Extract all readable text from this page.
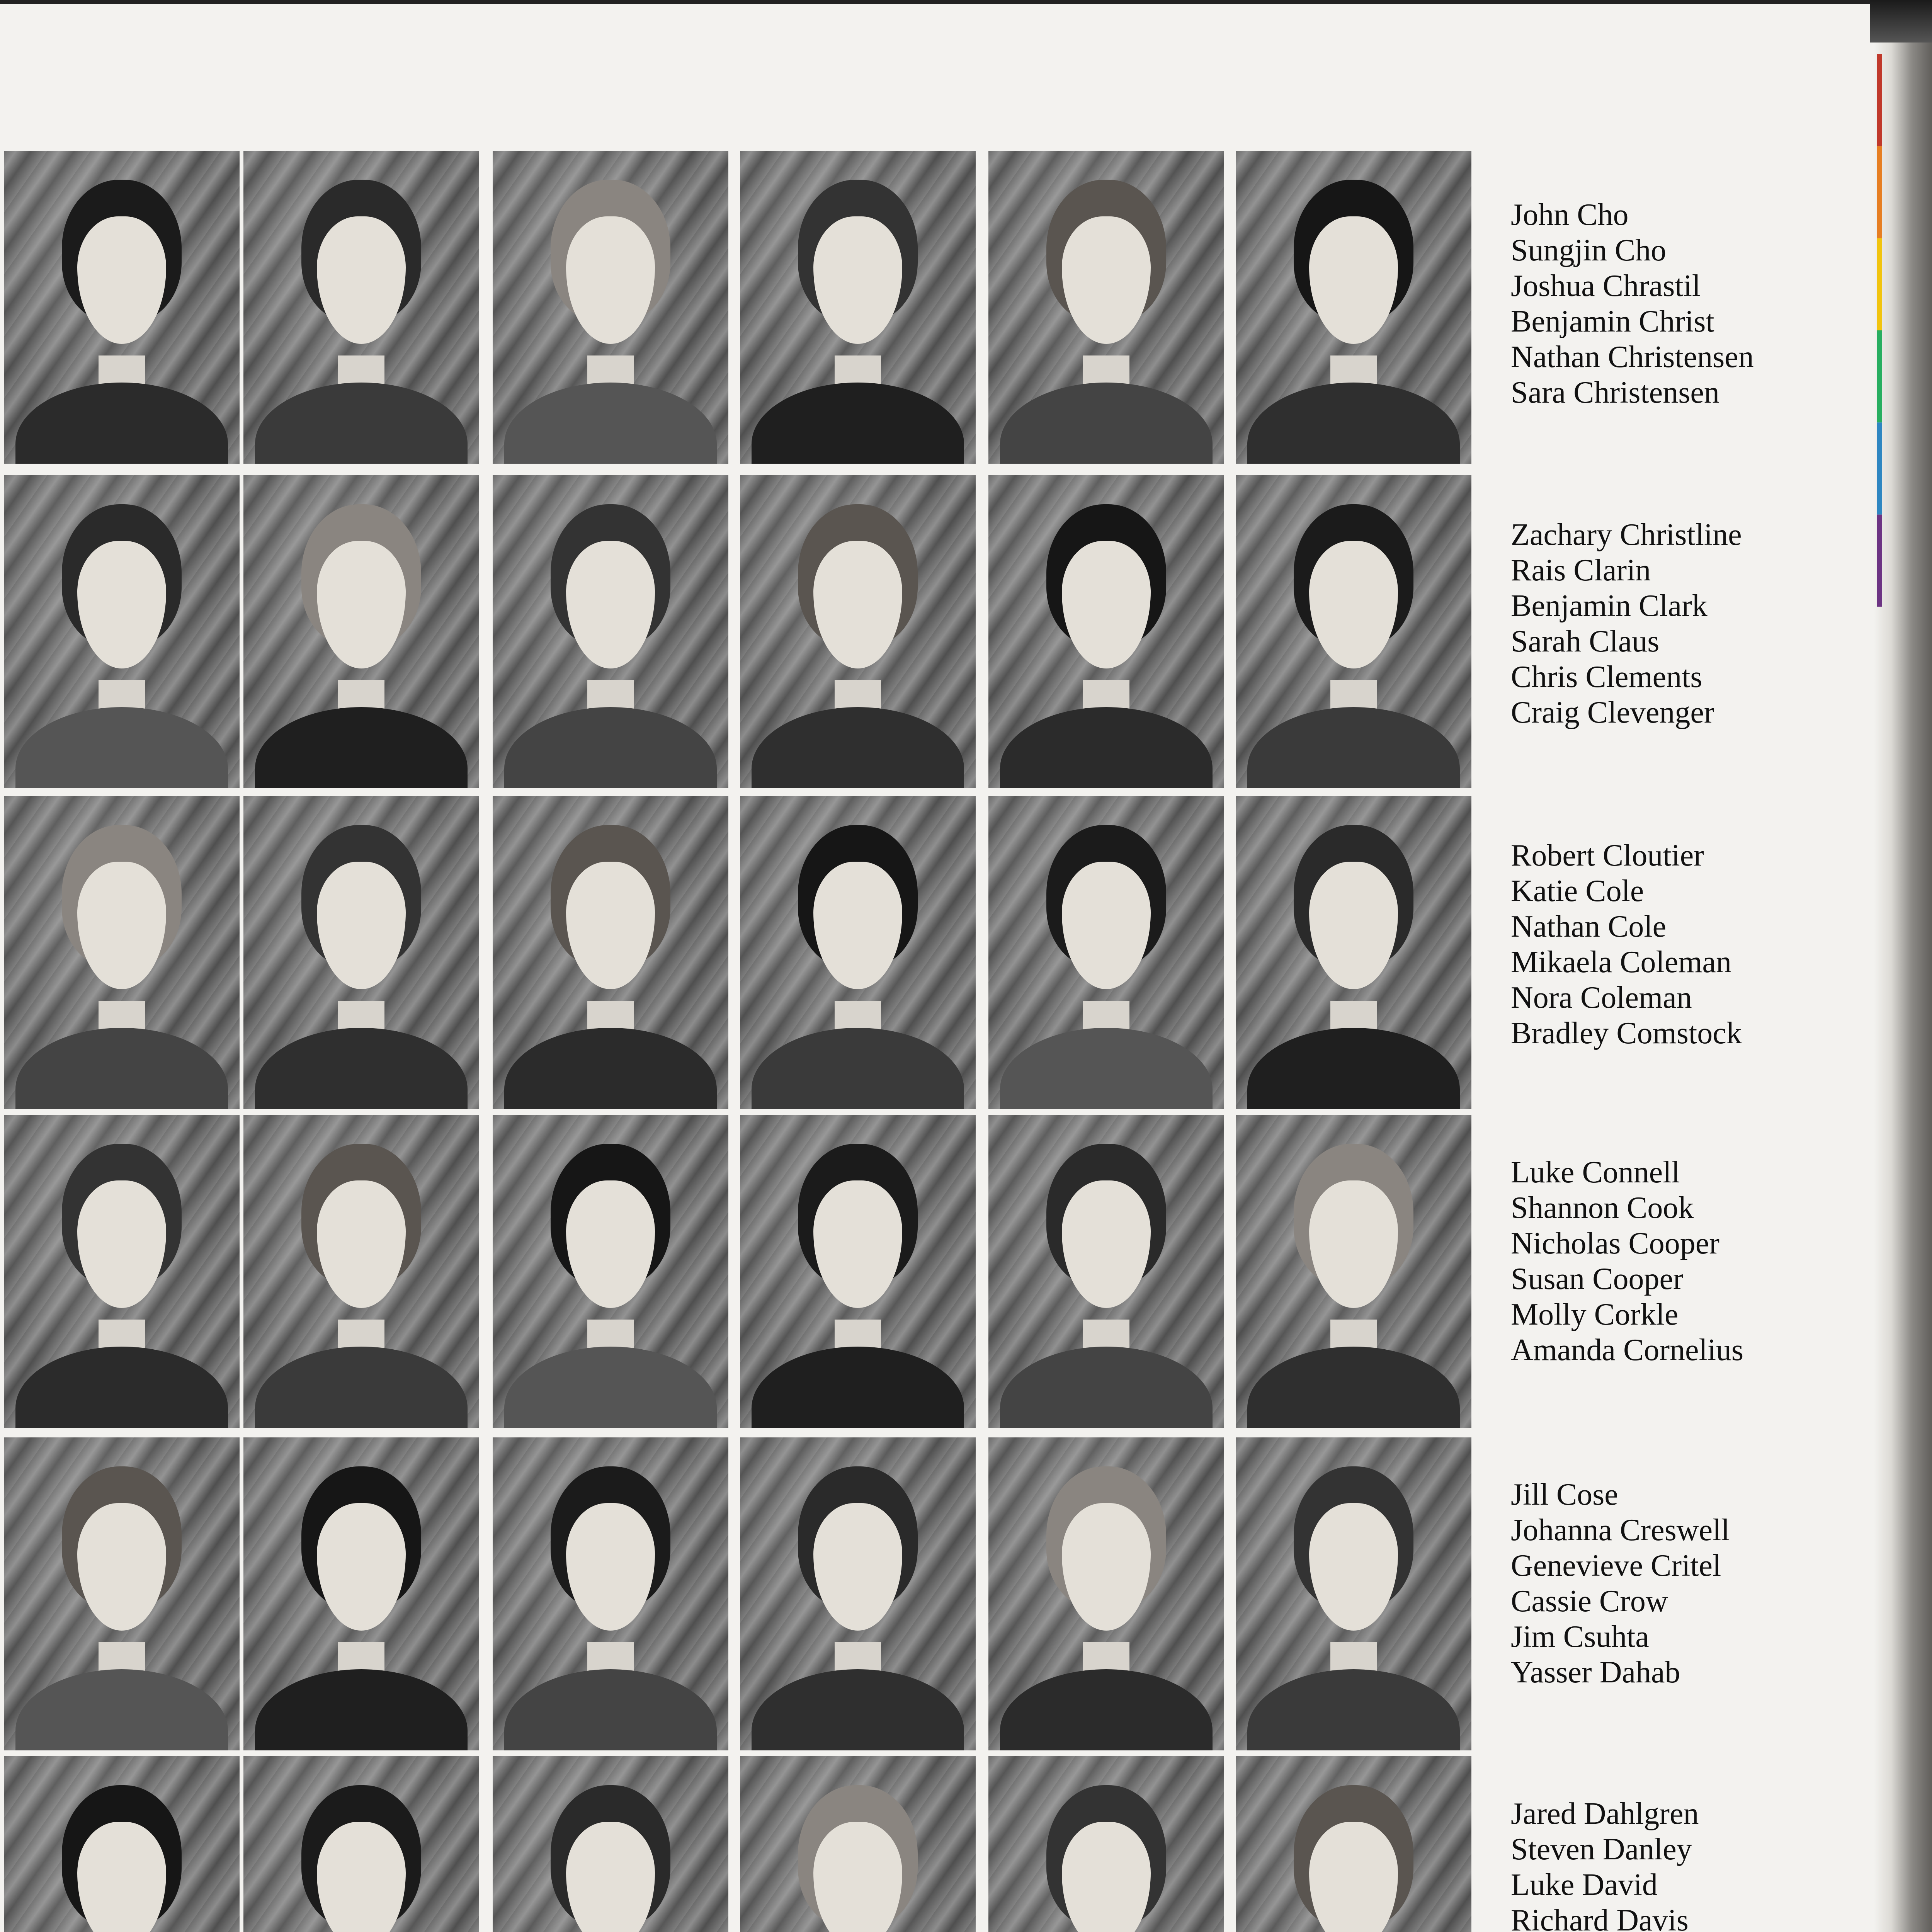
John Cho
Sungjin Cho
Joshua Chrastil
Benjamin Christ
Nathan Christensen
Sara Christensen
Zachary Christline
Rais Clarin
Benjamin Clark
Sarah Claus
Chris Clements
Craig Clevenger
Robert Cloutier
Katie Cole
Nathan Cole
Mikaela Coleman
Nora Coleman
Bradley Comstock
Luke Connell
Shannon Cook
Nicholas Cooper
Susan Cooper
Molly Corkle
Amanda Cornelius
Jill Cose
Johanna Creswell
Genevieve Critel
Cassie Crow
Jim Csuhta
Yasser Dahab
Jared Dahlgren
Steven Danley
Luke David
Richard Davis
